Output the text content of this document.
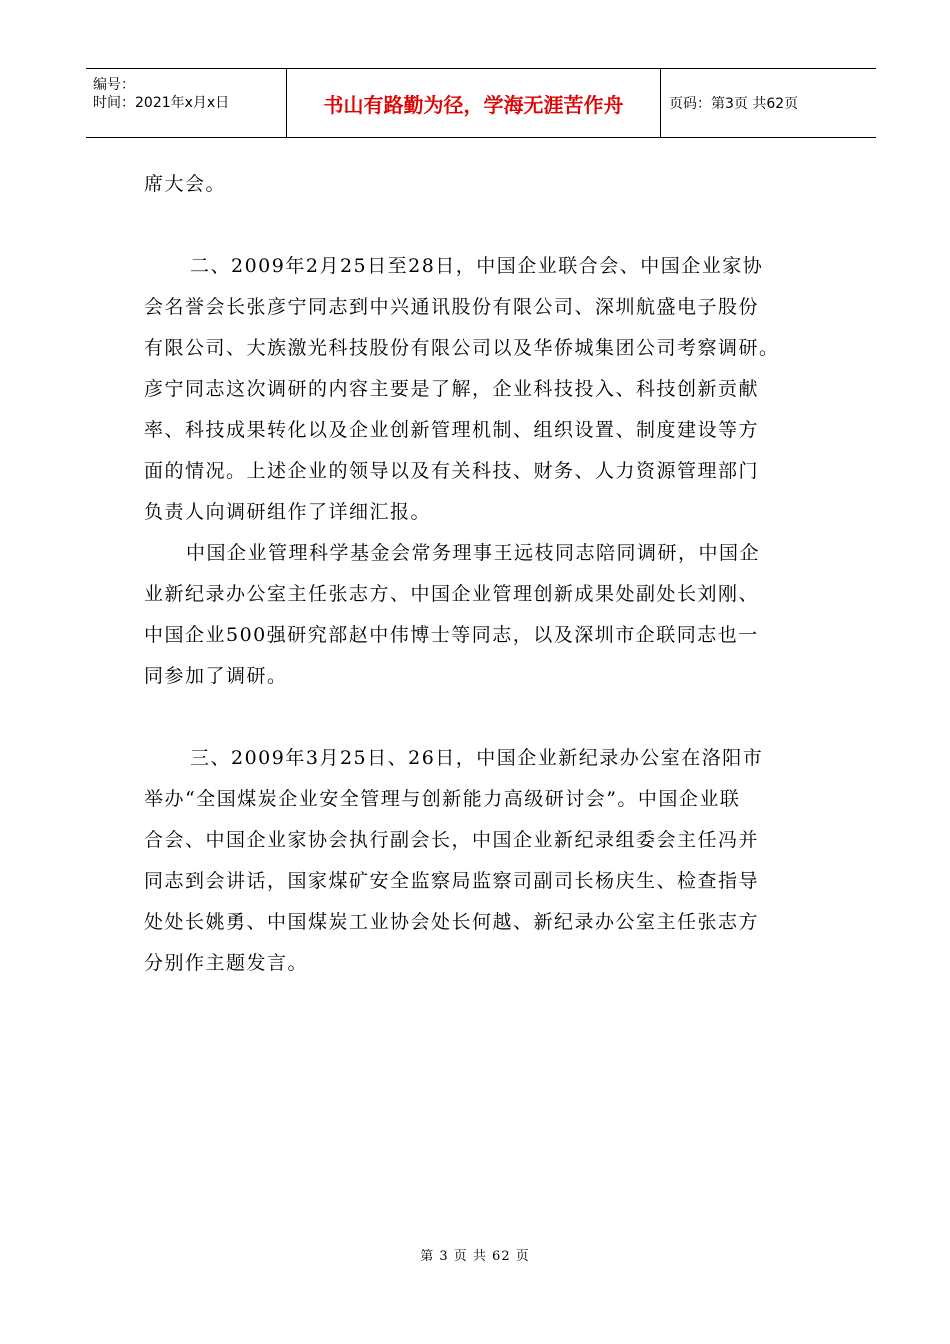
编号：
时间：2021年x月x日	书山有路勤为径，学海无涯苦作舟	页码：第3页 共62页
席大会。
二、2009年2月25日至28日，中国企业联合会、中国企业家协
会名誉会长张彦宁同志到中兴通讯股份有限公司、深圳航盛电子股份
有限公司、大族激光科技股份有限公司以及华侨城集团公司考察调研。
彦宁同志这次调研的内容主要是了解，企业科技投入、科技创新贡献
率、科技成果转化以及企业创新管理机制、组织设置、制度建设等方
面的情况。上述企业的领导以及有关科技、财务、人力资源管理部门
负责人向调研组作了详细汇报。
中国企业管理科学基金会常务理事王远枝同志陪同调研，中国企
业新纪录办公室主任张志方、中国企业管理创新成果处副处长刘刚、
中国企业500强研究部赵中伟博士等同志，以及深圳市企联同志也一
同参加了调研。
三、2009年3月25日、26日，中国企业新纪录办公室在洛阳市
举办“全国煤炭企业安全管理与创新能力高级研讨会”。中国企业联
合会、中国企业家协会执行副会长，中国企业新纪录组委会主任冯并
同志到会讲话，国家煤矿安全监察局监察司副司长杨庆生、检查指导
处处长姚勇、中国煤炭工业协会处长何越、新纪录办公室主任张志方
分别作主题发言。
第 3 页 共 62 页
